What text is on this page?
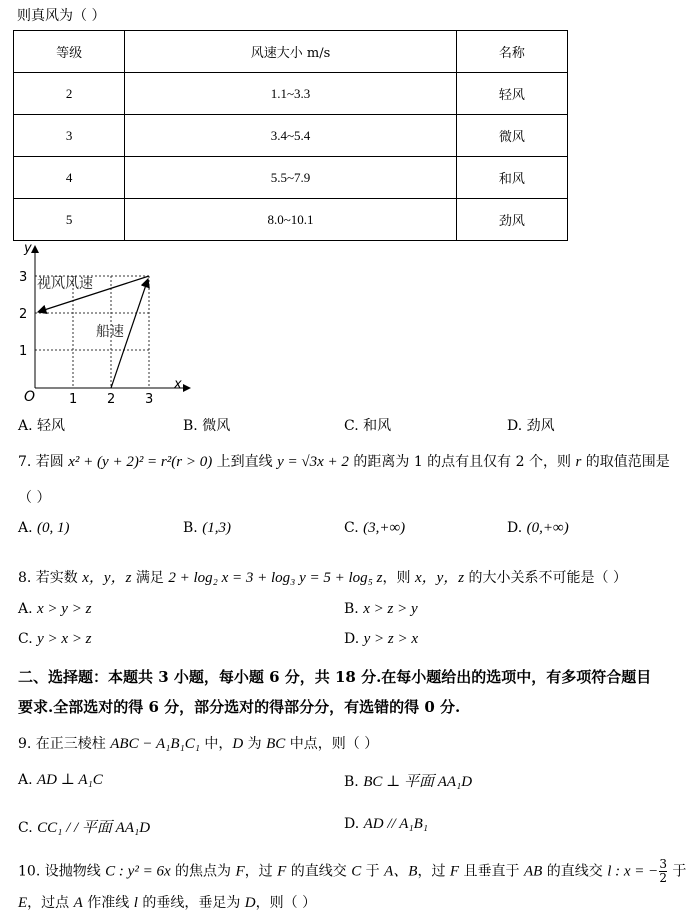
则真风为（ ）
等级	风速大小 m/s	名称
2	1.1~3.3	轻风
3	3.4~5.4	微风
4	5.5~7.9	和风
5	8.0~10.1	劲风
y
x
O
3
2
1
1 2 3
视风风速
船速
A. 轻风	B. 微风	C. 和风	D. 劲风
7. 若圆 x² + (y + 2)² = r²(r > 0) 上到直线 y = √3x + 2 的距离为 1 的点有且仅有 2 个，则 r 的取值范围是
（ ）
A. (0, 1)	B. (1,3)	C. (3,+∞)	D. (0,+∞)
8. 若实数 x，y，z 满足 2 + log₂ x = 3 + log₃ y = 5 + log₅ z，则 x，y，z 的大小关系不可能是（ ）
A. x > y > z	B. x > z > y
C. y > x > z	D. y > z > x
二、选择题：本题共 3 小题，每小题 6 分，共 18 分.在每小题给出的选项中，有多项符合题目
要求.全部选对的得 6 分，部分选对的得部分分，有选错的得 0 分.
9. 在正三棱柱 ABC − A₁B₁C₁ 中，D 为 BC 中点，则（ ）
A. AD ⊥ A₁C	B. BC ⊥ 平面 AA₁D
C. CC₁ / / 平面 AA₁D	D. AD // A₁B₁
10. 设抛物线 C : y² = 6x 的焦点为 F，过 F 的直线交 C 于 A、B，过 F 且垂直于 AB 的直线交 l : x = − $\frac{3}{2}$ 于
E，过点 A 作准线 l 的垂线，垂足为 D，则（ ）
